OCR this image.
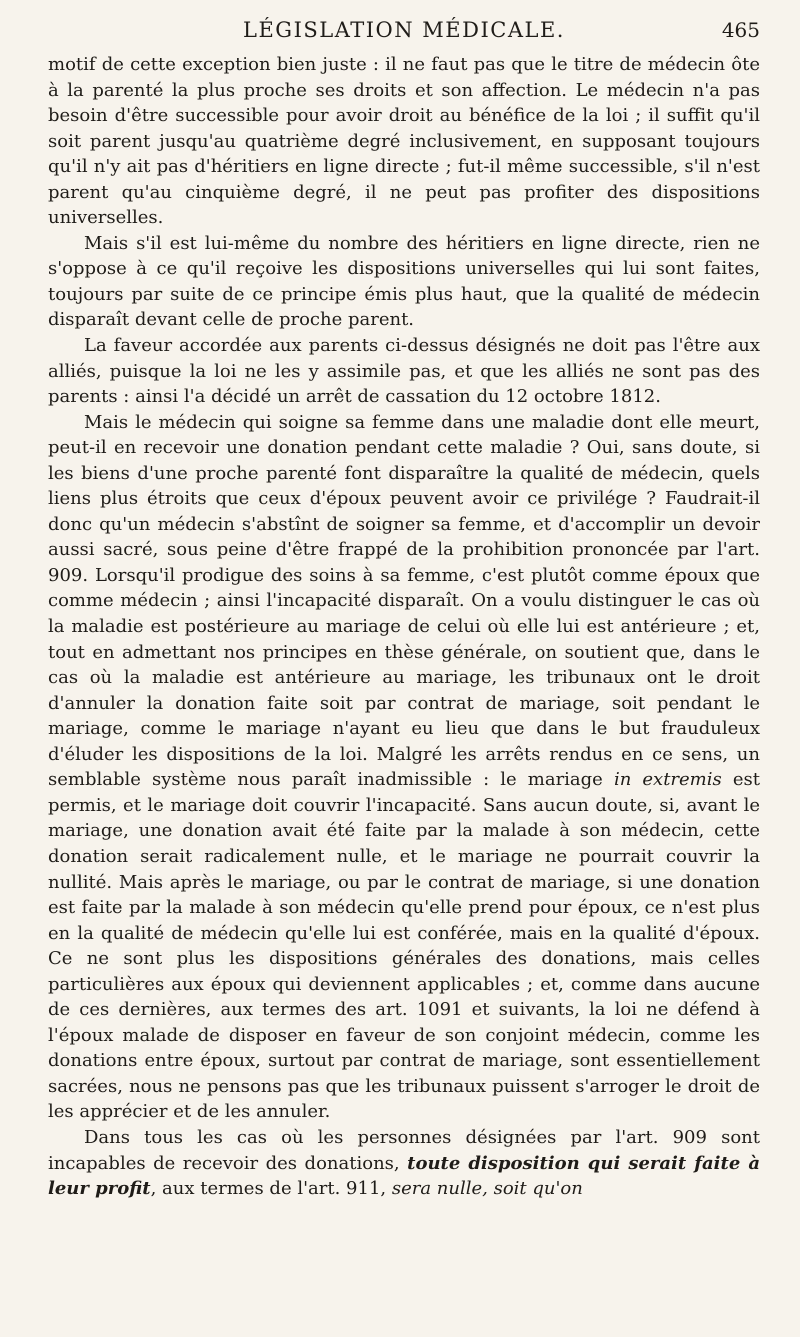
LÉGISLATION MÉDICALE.	465

motif de cette exception bien juste : il ne faut pas que le titre de médecin ôte à la parenté la plus proche ses droits et son affection. Le médecin n'a pas besoin d'être successible pour avoir droit au bénéfice de la loi ; il suffit qu'il soit parent jusqu'au quatrième degré inclusivement, en supposant toujours qu'il n'y ait pas d'héritiers en ligne directe ; fut-il même successible, s'il n'est parent qu'au cinquième degré, il ne peut pas profiter des dispositions universelles.

Mais s'il est lui-même du nombre des héritiers en ligne directe, rien ne s'oppose à ce qu'il reçoive les dispositions universelles qui lui sont faites, toujours par suite de ce principe émis plus haut, que la qualité de médecin disparaît devant celle de proche parent.

La faveur accordée aux parents ci-dessus désignés ne doit pas l'être aux alliés, puisque la loi ne les y assimile pas, et que les alliés ne sont pas des parents : ainsi l'a décidé un arrêt de cassation du 12 octobre 1812.

Mais le médecin qui soigne sa femme dans une maladie dont elle meurt, peut-il en recevoir une donation pendant cette maladie ? Oui, sans doute, si les biens d'une proche parenté font disparaître la qualité de médecin, quels liens plus étroits que ceux d'époux peuvent avoir ce privilége ? Faudrait-il donc qu'un médecin s'abstînt de soigner sa femme, et d'accomplir un devoir aussi sacré, sous peine d'être frappé de la prohibition prononcée par l'art. 909. Lorsqu'il prodigue des soins à sa femme, c'est plutôt comme époux que comme médecin ; ainsi l'incapacité disparaît. On a voulu distinguer le cas où la maladie est postérieure au mariage de celui où elle lui est antérieure ; et, tout en admettant nos principes en thèse générale, on soutient que, dans le cas où la maladie est antérieure au mariage, les tribunaux ont le droit d'annuler la donation faite soit par contrat de mariage, soit pendant le mariage, comme le mariage n'ayant eu lieu que dans le but frauduleux d'éluder les dispositions de la loi. Malgré les arrêts rendus en ce sens, un semblable système nous paraît inadmissible : le mariage in extremis est permis, et le mariage doit couvrir l'incapacité. Sans aucun doute, si, avant le mariage, une donation avait été faite par la malade à son médecin, cette donation serait radicalement nulle, et le mariage ne pourrait couvrir la nullité. Mais après le mariage, ou par le contrat de mariage, si une donation est faite par la malade à son médecin qu'elle prend pour époux, ce n'est plus en la qualité de médecin qu'elle lui est conférée, mais en la qualité d'époux. Ce ne sont plus les dispositions générales des donations, mais celles particulières aux époux qui deviennent applicables ; et, comme dans aucune de ces dernières, aux termes des art. 1091 et suivants, la loi ne défend à l'époux malade de disposer en faveur de son conjoint médecin, comme les donations entre époux, surtout par contrat de mariage, sont essentiellement sacrées, nous ne pensons pas que les tribunaux puissent s'arroger le droit de les apprécier et de les annuler.

Dans tous les cas où les personnes désignées par l'art. 909 sont incapables de recevoir des donations, toute disposition qui serait faite à leur profit, aux termes de l'art. 911, sera nulle, soit qu'on
